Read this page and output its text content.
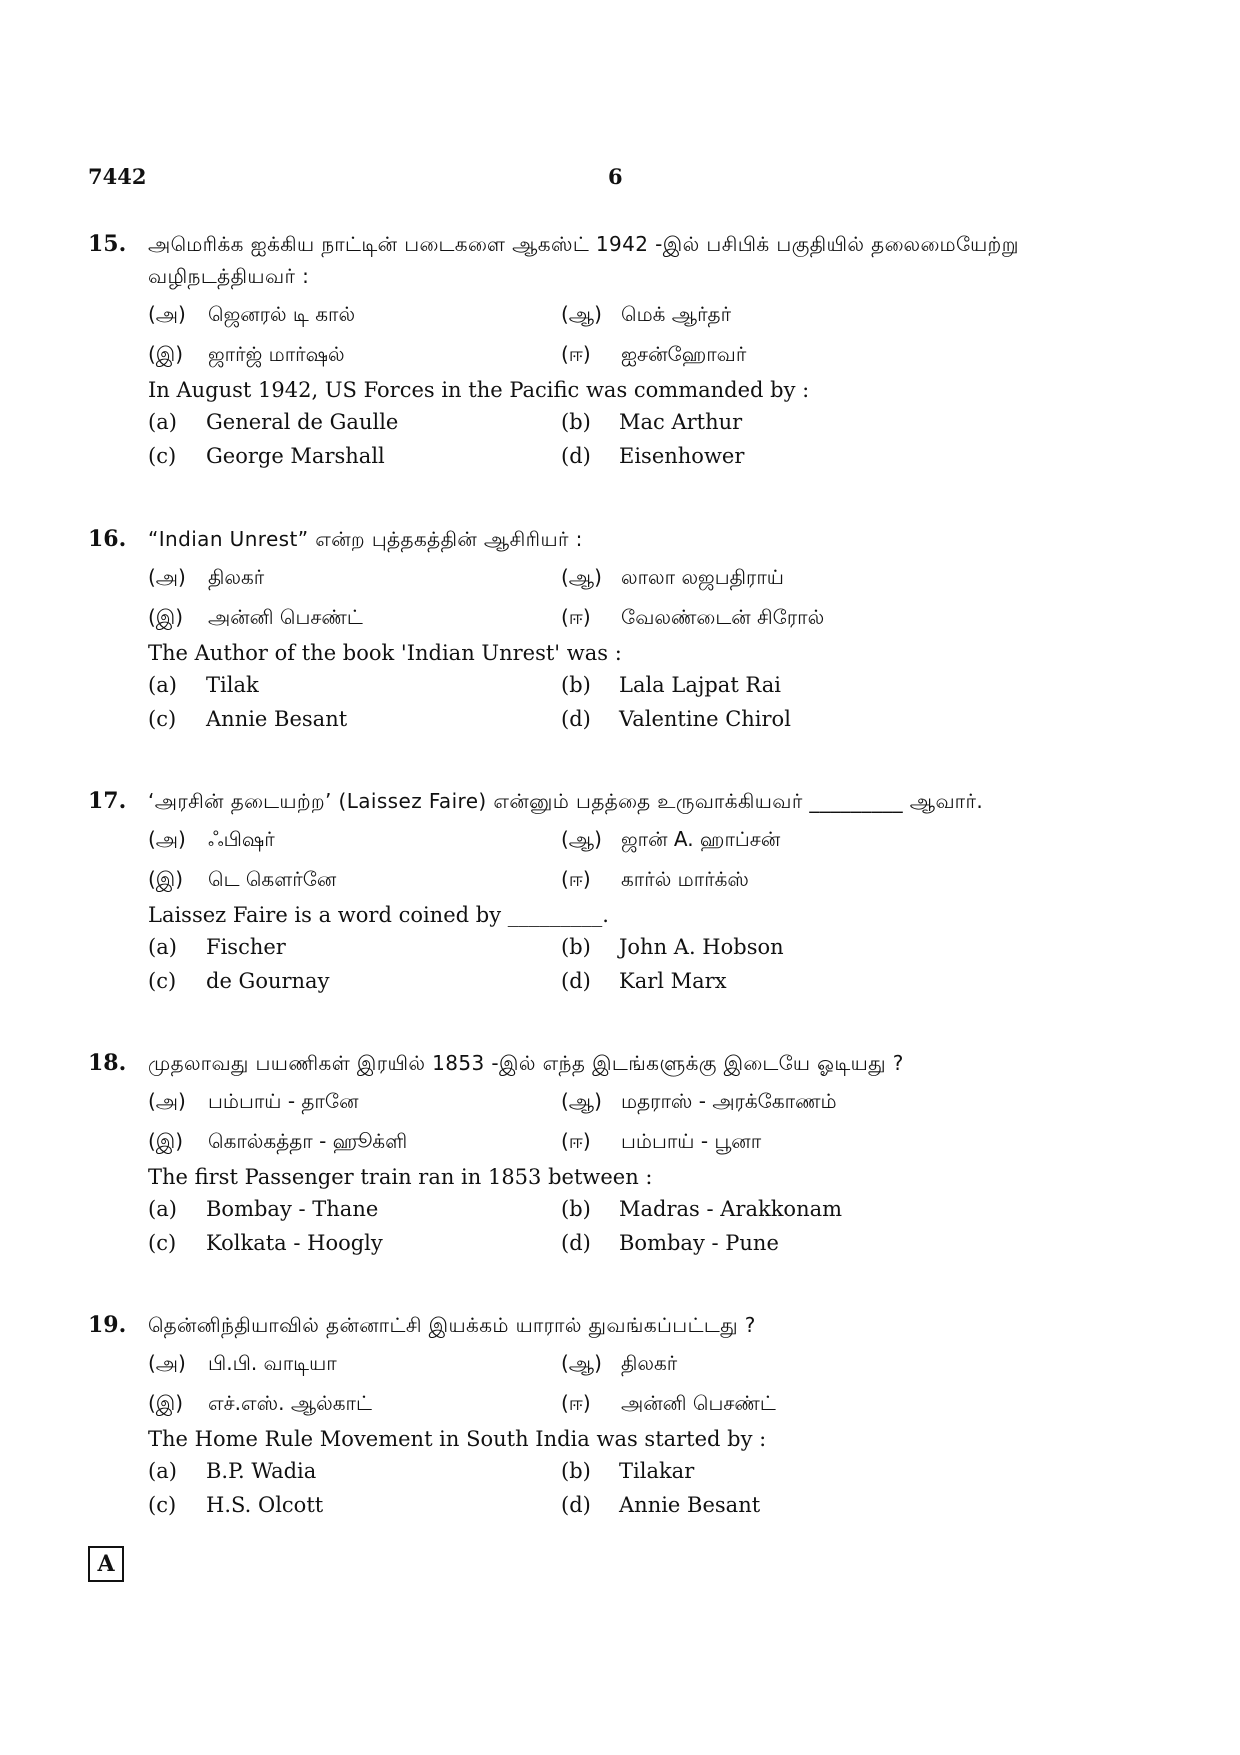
7442	6
15. அமெரிக்க ஐக்கிய நாட்டின் படைகளை ஆகஸ்ட் 1942 -இல் பசிபிக் பகுதியில் தலைமையேற்று வழிநடத்தியவர் :
(அ) ஜெனரல் டி கால்	(ஆ) மெக் ஆர்தர்
(இ) ஜார்ஜ் மார்ஷல்	(ஈ) ஐசன்ஹோவர்
In August 1942, US Forces in the Pacific was commanded by :
(a) General de Gaulle	(b) Mac Arthur
(c) George Marshall	(d) Eisenhower
16. “Indian Unrest” என்ற புத்தகத்தின் ஆசிரியர் :
(அ) திலகர்	(ஆ) லாலா லஜபதிராய்
(இ) அன்னி பெசண்ட்	(ஈ) வேலண்டைன் சிரோல்
The Author of the book 'Indian Unrest' was :
(a) Tilak	(b) Lala Lajpat Rai
(c) Annie Besant	(d) Valentine Chirol
17. ‘அரசின் தடையற்ற’ (Laissez Faire) என்னும் பதத்தை உருவாக்கியவர் _________ ஆவார்.
(அ) ஃபிஷர்	(ஆ) ஜான் A. ஹாப்சன்
(இ) டெ கௌர்னே	(ஈ) கார்ல் மார்க்ஸ்
Laissez Faire is a word coined by _________.
(a) Fischer	(b) John A. Hobson
(c) de Gournay	(d) Karl Marx
18. முதலாவது பயணிகள் இரயில் 1853 -இல் எந்த இடங்களுக்கு இடையே ஓடியது ?
(அ) பம்பாய் - தானே	(ஆ) மதராஸ் - அரக்கோணம்
(இ) கொல்கத்தா - ஹூக்ளி	(ஈ) பம்பாய் - பூனா
The first Passenger train ran in 1853 between :
(a) Bombay - Thane	(b) Madras - Arakkonam
(c) Kolkata - Hoogly	(d) Bombay - Pune
19. தென்னிந்தியாவில் தன்னாட்சி இயக்கம் யாரால் துவங்கப்பட்டது ?
(அ) பி.பி. வாடியா	(ஆ) திலகர்
(இ) எச்.எஸ். ஆல்காட்	(ஈ) அன்னி பெசண்ட்
The Home Rule Movement in South India was started by :
(a) B.P. Wadia	(b) Tilakar
(c) H.S. Olcott	(d) Annie Besant
A
